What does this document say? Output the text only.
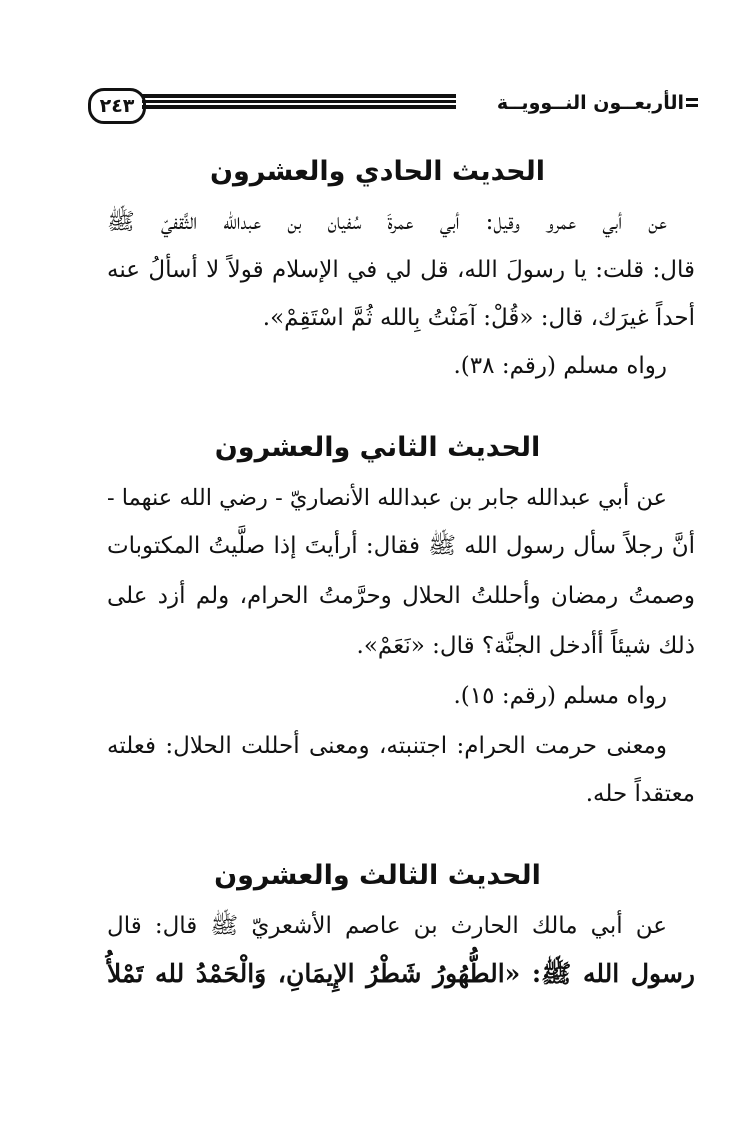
٢٤٣	الأربعــون النــوويــة
الحديث الحادي والعشرون
عن أبي عمرو وقيل: أبي عمرةَ سُفيان بن عبدالله الثَّقفيّ ﷺ
قال: قلت: يا رسولَ الله، قل لي في الإسلام قولاً لا أسألُ عنه
أحداً غيرَك، قال: «قُلْ: آمَنْتُ بِالله ثُمَّ اسْتَقِمْ».
رواه مسلم (رقم: ٣٨).
الحديث الثاني والعشرون
عن أبي عبدالله جابر بن عبدالله الأنصاريّ - رضي الله عنهما -
أنَّ رجلاً سأل رسول الله ﷺ فقال: أرأيتَ إذا صلَّيتُ المكتوبات
وصمتُ رمضان وأحللتُ الحلال وحرَّمتُ الحرام، ولم أزد على
ذلك شيئاً أأدخل الجنَّة؟ قال: «نَعَمْ».
رواه مسلم (رقم: ١٥).
ومعنى حرمت الحرام: اجتنبته، ومعنى أحللت الحلال: فعلته
معتقداً حله.
الحديث الثالث والعشرون
عن أبي مالك الحارث بن عاصم الأشعريّ ﷺ قال: قال
رسول الله ﷺ: «الطُّهُورُ شَطْرُ الإِيمَانِ، وَالْحَمْدُ لله تَمْلأُ
